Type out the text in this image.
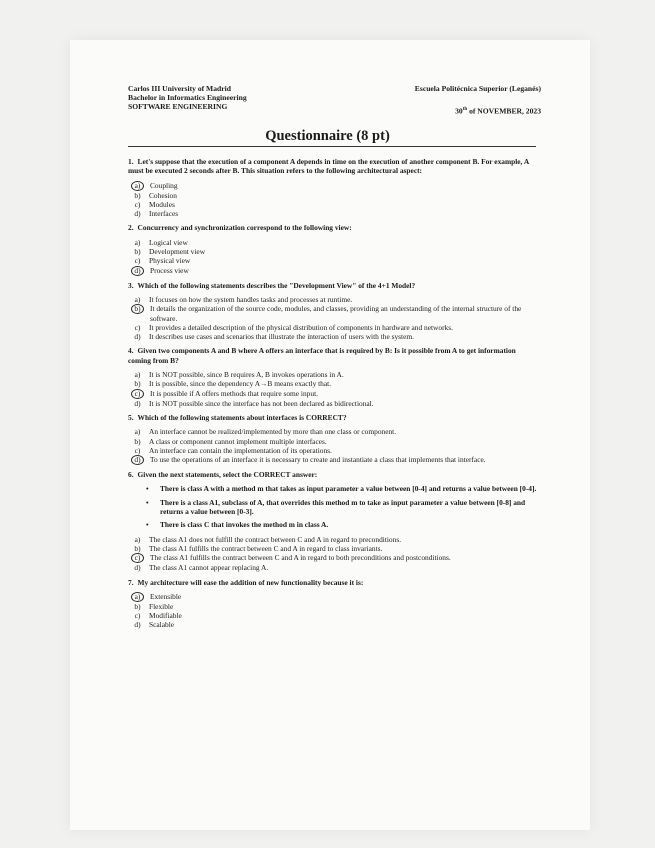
Carlos III University of Madrid
Bachelor in Informatics Engineering
SOFTWARE ENGINEERING
Escuela Politécnica Superior (Leganés)
30th of NOVEMBER, 2023
Questionnaire (8 pt)
1. Let's suppose that the execution of a component A depends in time on the execution of another component B. For example, A must be executed 2 seconds after B. This situation refers to the following architectural aspect:
a)	Coupling
b)	Cohesion
c)	Modules
d)	Interfaces
2. Concurrency and synchronization correspond to the following view:
a)	Logical view
b)	Development view
c)	Physical view
d)	Process view
3. Which of the following statements describes the "Development View" of the 4+1 Model?
a)	It focuses on how the system handles tasks and processes at runtime.
b)	It details the organization of the source code, modules, and classes, providing an understanding of the internal structure of the software.
c)	It provides a detailed description of the physical distribution of components in hardware and networks.
d)	It describes use cases and scenarios that illustrate the interaction of users with the system.
4. Given two components A and B where A offers an interface that is required by B: Is it possible from A to get information coming from B?
a)	It is NOT possible, since B requires A, B invokes operations in A.
b)	It is possible, since the dependency A→B means exactly that.
c)	It is possible if A offers methods that require some input.
d)	It is NOT possible since the interface has not been declared as bidirectional.
5. Which of the following statements about interfaces is CORRECT?
a)	An interface cannot be realized/implemented by more than one class or component.
b)	A class or component cannot implement multiple interfaces.
c)	An interface can contain the implementation of its operations.
d)	To use the operations of an interface it is necessary to create and instantiate a class that implements that interface.
6. Given the next statements, select the CORRECT answer:
•	There is class A with a method m that takes as input parameter a value between [0-4] and returns a value between [0-4].
•	There is a class A1, subclass of A, that overrides this method m to take as input parameter a value between [0-8] and returns a value between [0-3].
•	There is class C that invokes the method m in class A.
a)	The class A1 does not fulfill the contract between C and A in regard to preconditions.
b)	The class A1 fulfills the contract between C and A in regard to class invariants.
c)	The class A1 fulfills the contract between C and A in regard to both preconditions and postconditions.
d)	The class A1 cannot appear replacing A.
7. My architecture will ease the addition of new functionality because it is:
a)	Extensible
b)	Flexible
c)	Modifiable
d)	Scalable
